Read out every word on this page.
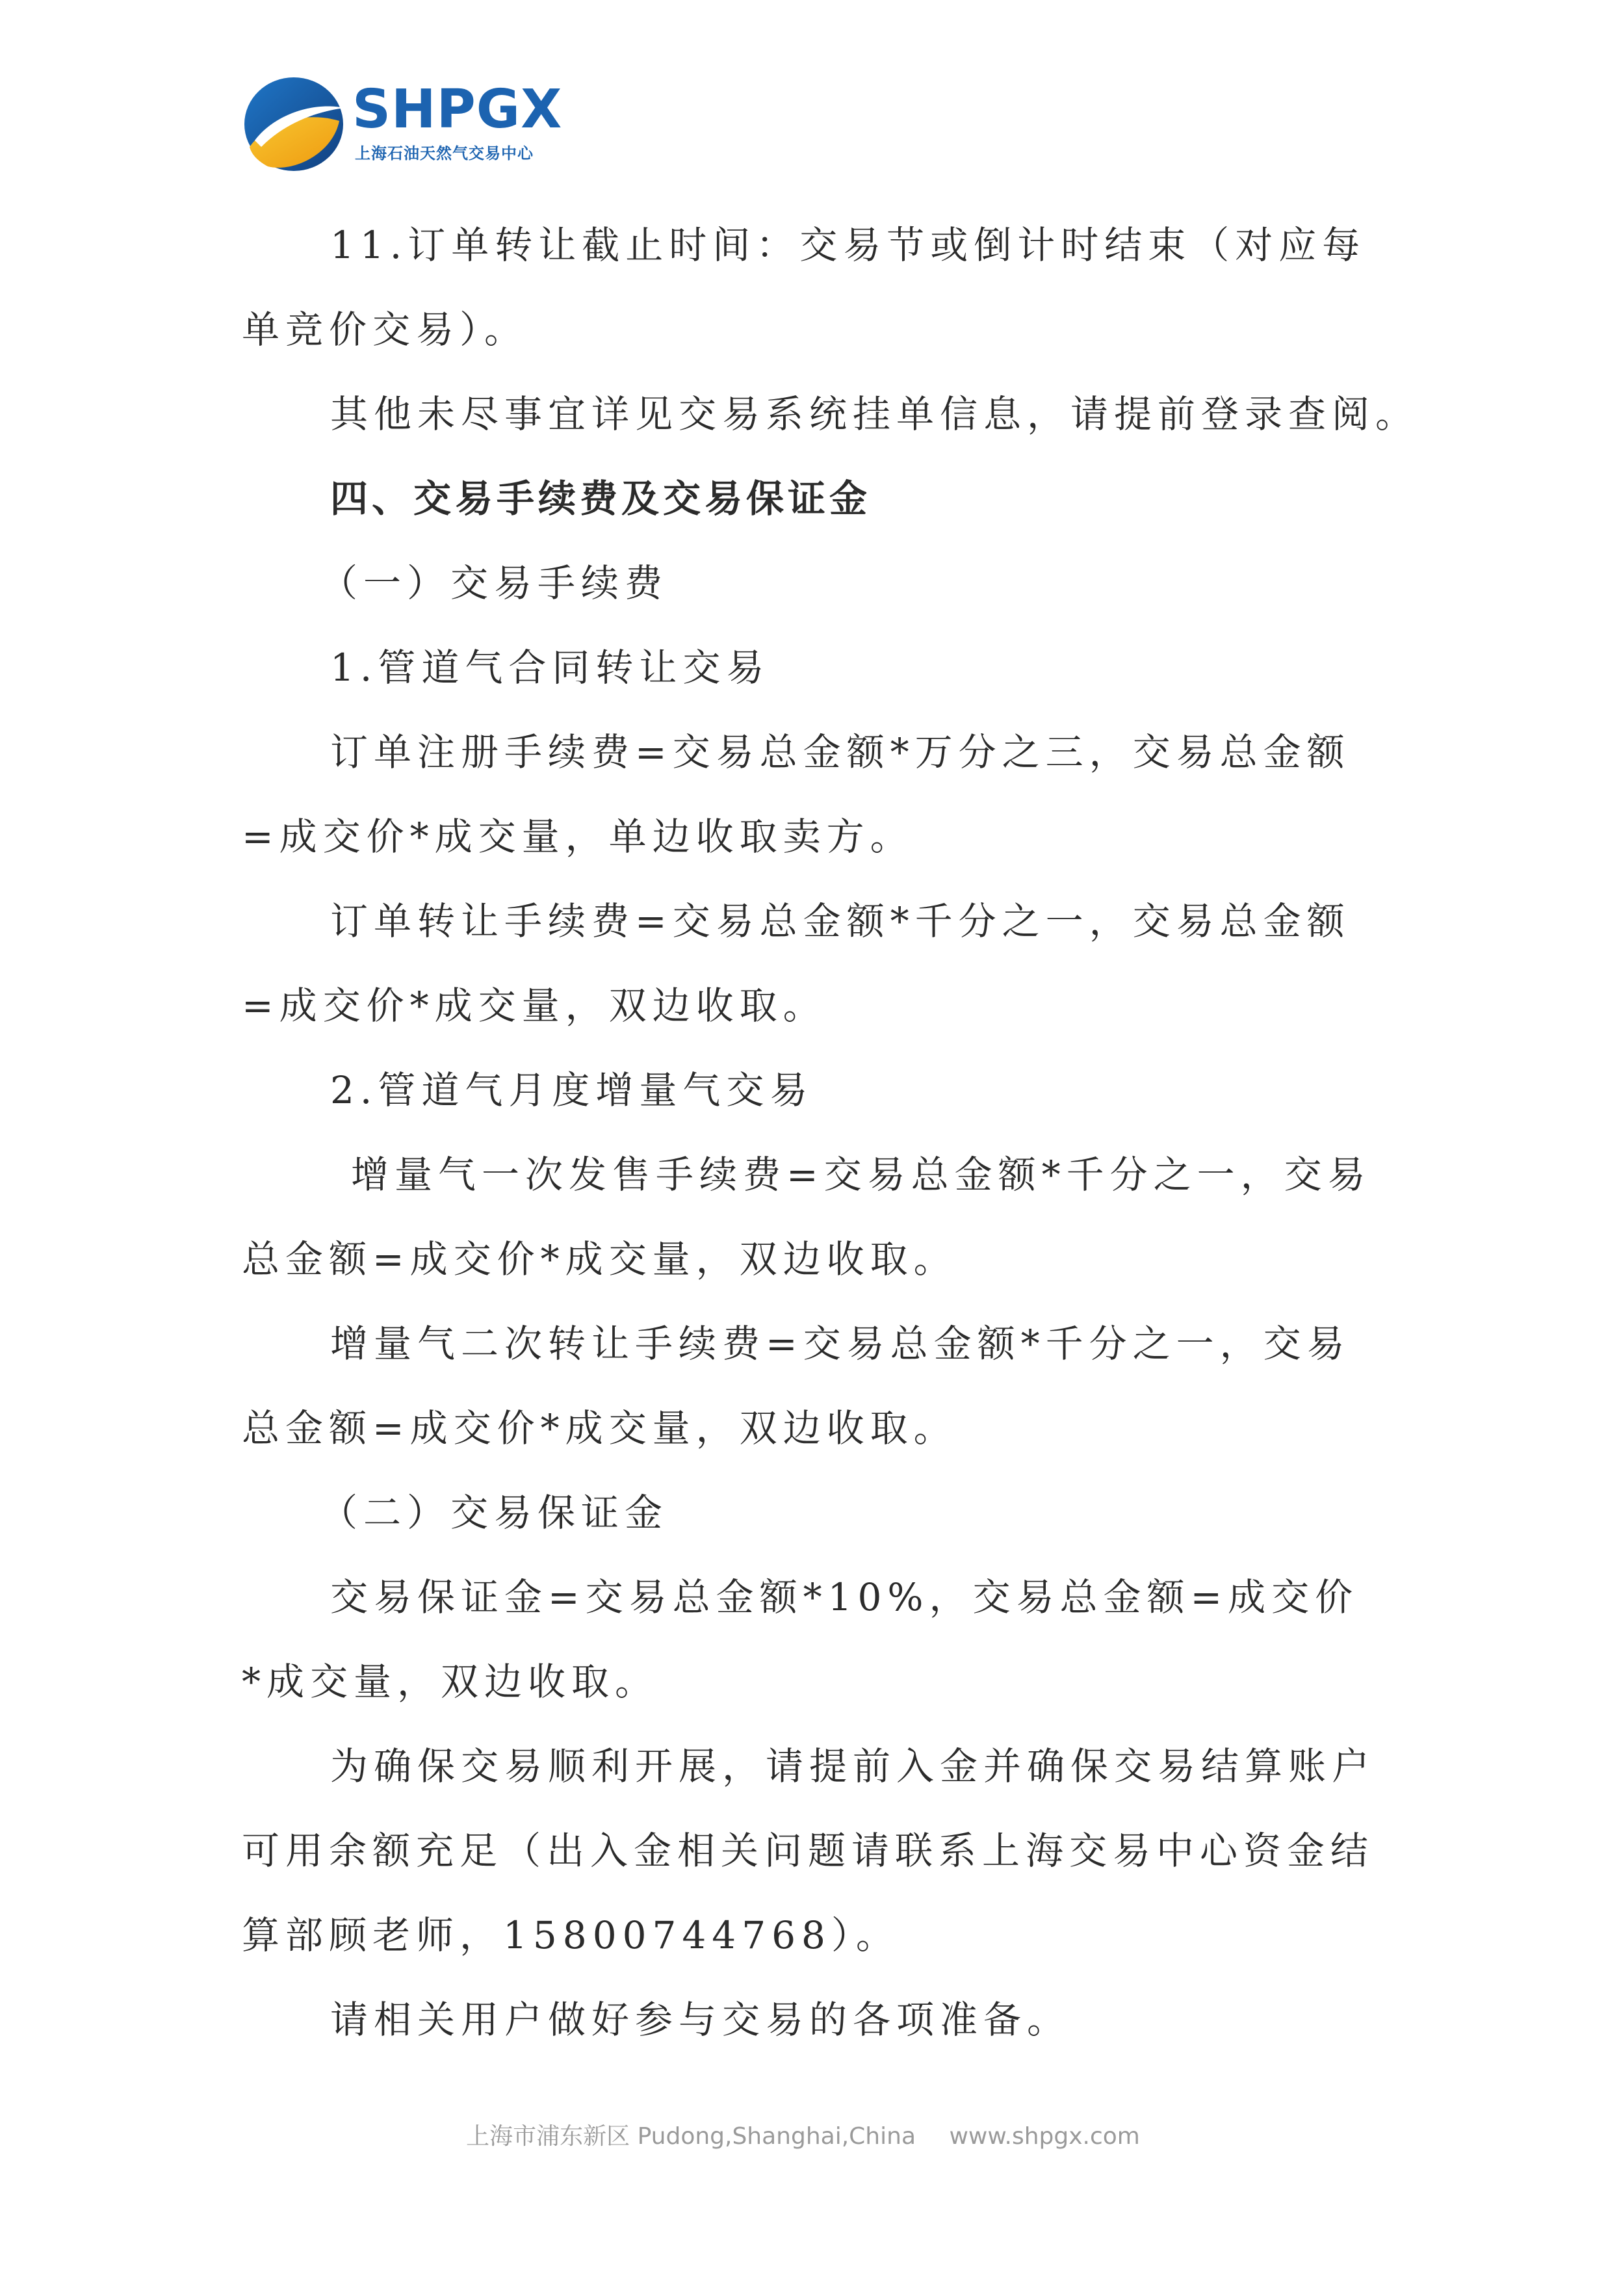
SHPGX
上海石油天然气交易中心

11.订单转让截止时间：交易节或倒计时结束（对应每单竞价交易）。

其他未尽事宜详见交易系统挂单信息，请提前登录查阅。

四、交易手续费及交易保证金

（一）交易手续费

1.管道气合同转让交易

订单注册手续费=交易总金额*万分之三，交易总金额=成交价*成交量，单边收取卖方。

订单转让手续费=交易总金额*千分之一，交易总金额=成交价*成交量，双边收取。

2.管道气月度增量气交易

增量气一次发售手续费=交易总金额*千分之一，交易总金额=成交价*成交量，双边收取。

增量气二次转让手续费=交易总金额*千分之一，交易总金额=成交价*成交量，双边收取。

（二）交易保证金

交易保证金=交易总金额*10%，交易总金额=成交价*成交量，双边收取。

为确保交易顺利开展，请提前入金并确保交易结算账户可用余额充足（出入金相关问题请联系上海交易中心资金结算部顾老师，15800744768）。

请相关用户做好参与交易的各项准备。

上海市浦东新区 Pudong,Shanghai,China www.shpgx.com
